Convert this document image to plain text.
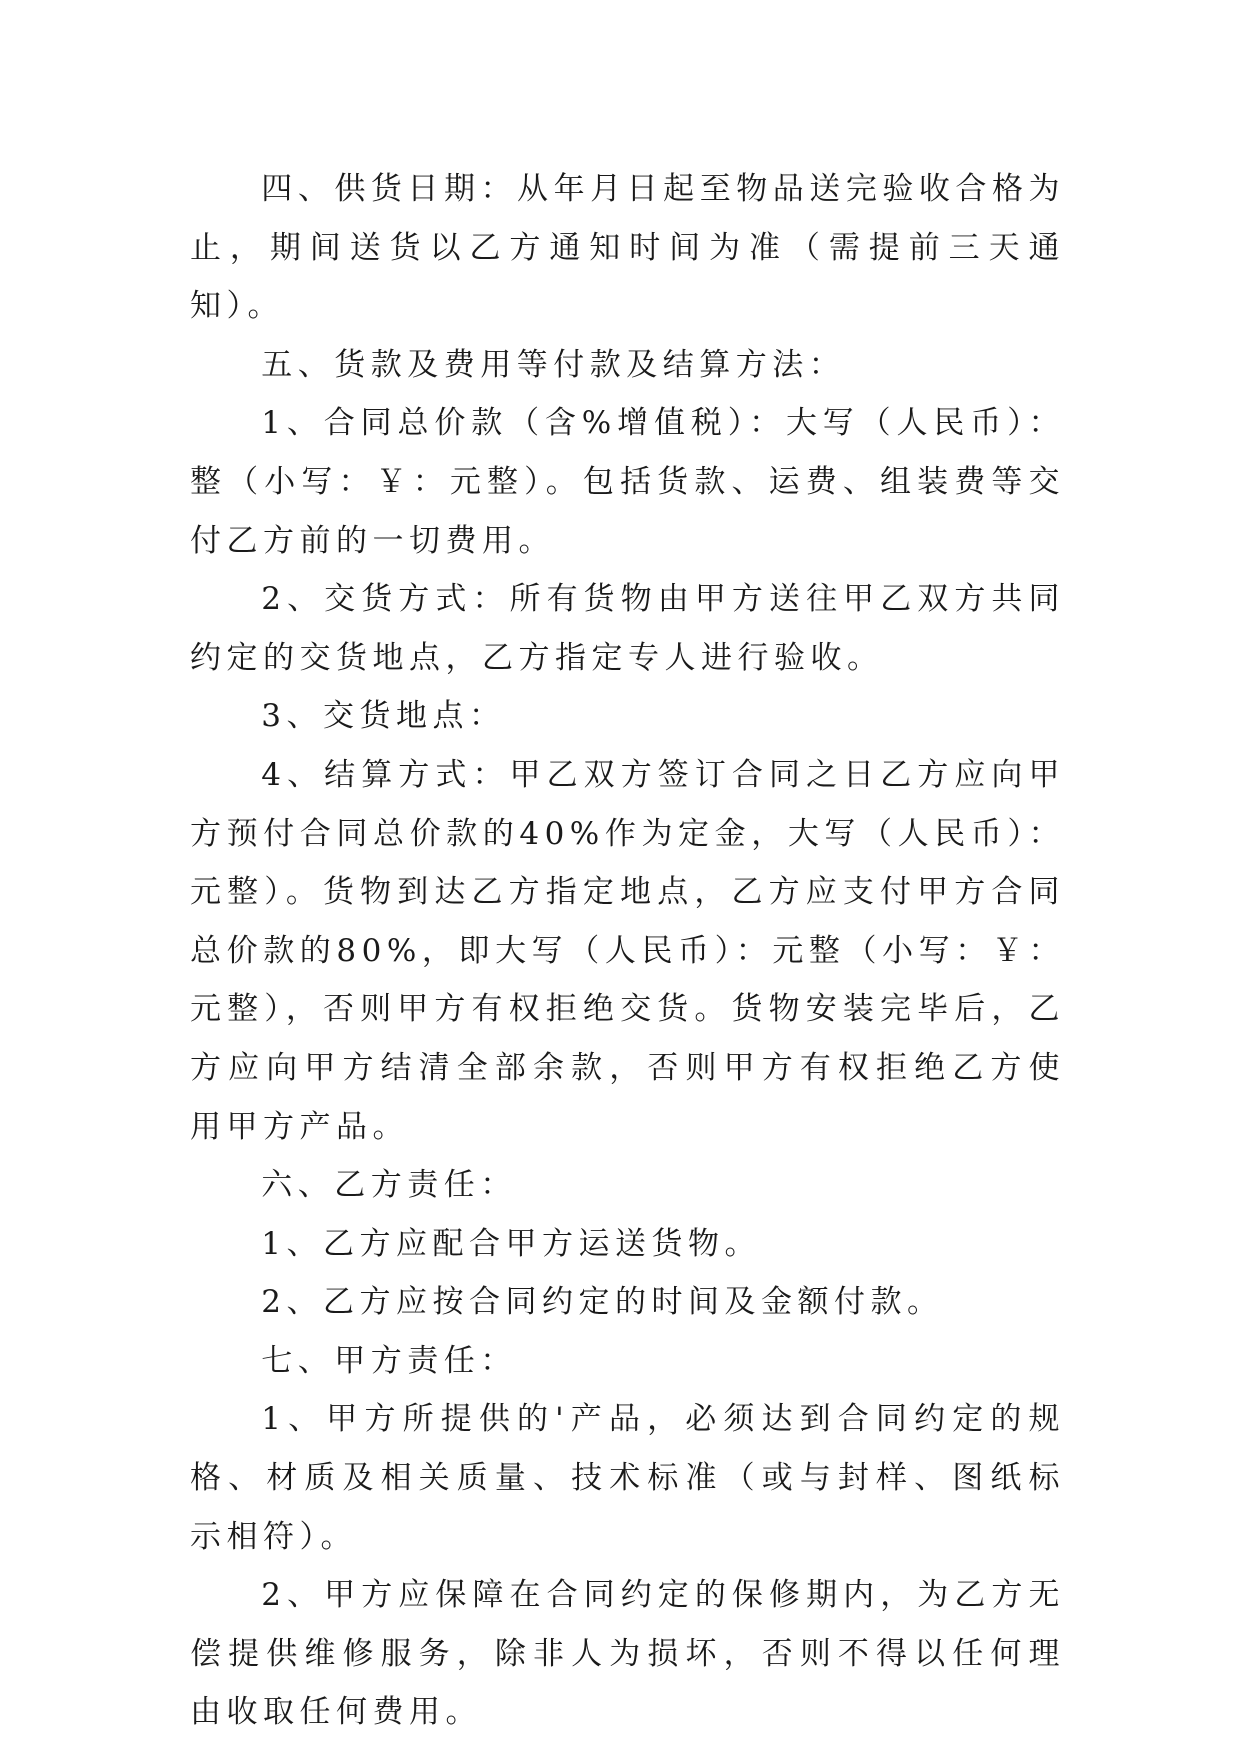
四、供货日期：从年月日起至物品送完验收合格为止，期间送货以乙方通知时间为准（需提前三天通知）。

五、货款及费用等付款及结算方法：

1、合同总价款（含%增值税）：大写（人民币）：整（小写：￥：元整）。包括货款、运费、组装费等交付乙方前的一切费用。

2、交货方式：所有货物由甲方送往甲乙双方共同约定的交货地点，乙方指定专人进行验收。

3、交货地点：

4、结算方式：甲乙双方签订合同之日乙方应向甲方预付合同总价款的40%作为定金，大写（人民币）：元整）。货物到达乙方指定地点，乙方应支付甲方合同总价款的80%，即大写（人民币）：元整（小写：￥：元整），否则甲方有权拒绝交货。货物安装完毕后，乙方应向甲方结清全部余款，否则甲方有权拒绝乙方使用甲方产品。

六、乙方责任：

1、乙方应配合甲方运送货物。

2、乙方应按合同约定的时间及金额付款。

七、甲方责任：

1、甲方所提供的'产品，必须达到合同约定的规格、材质及相关质量、技术标准（或与封样、图纸标示相符）。

2、甲方应保障在合同约定的保修期内，为乙方无偿提供维修服务，除非人为损坏，否则不得以任何理由收取任何费用。
